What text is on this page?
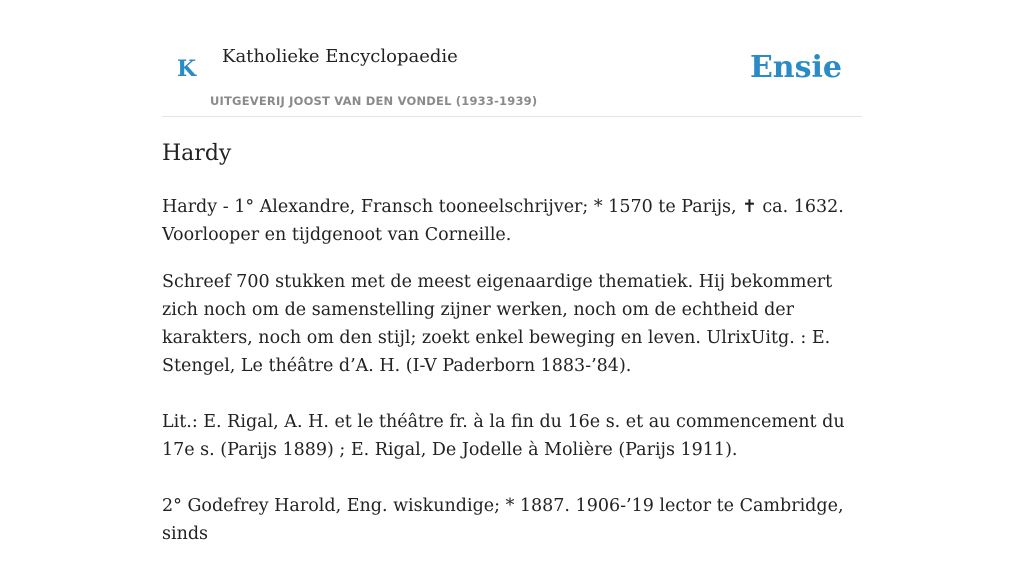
K Katholieke Encyclopaedie
UITGEVERIJ JOOST VAN DEN VONDEL (1933-1939)
Ensie
Hardy

Hardy - 1° Alexandre, Fransch tooneelschrijver; * 1570 te Parijs, ✝ ca. 1632. Voorlooper en tijdgenoot van Corneille.

Schreef 700 stukken met de meest eigenaardige thematiek. Hij bekommert zich noch om de samenstelling zijner werken, noch om de echtheid der karakters, noch om den stijl; zoekt enkel beweging en leven. UlrixUitg. : E. Stengel, Le théâtre d’A. H. (I-V Paderborn 1883-’84).

Lit.: E. Rigal, A. H. et le théâtre fr. à la fin du 16e s. et au commencement du 17e s. (Parijs 1889) ; E. Rigal, De Jodelle à Molière (Parijs 1911).

2° Godefrey Harold, Eng. wiskundige; * 1887. 1906-’19 lector te Cambridge, sinds
